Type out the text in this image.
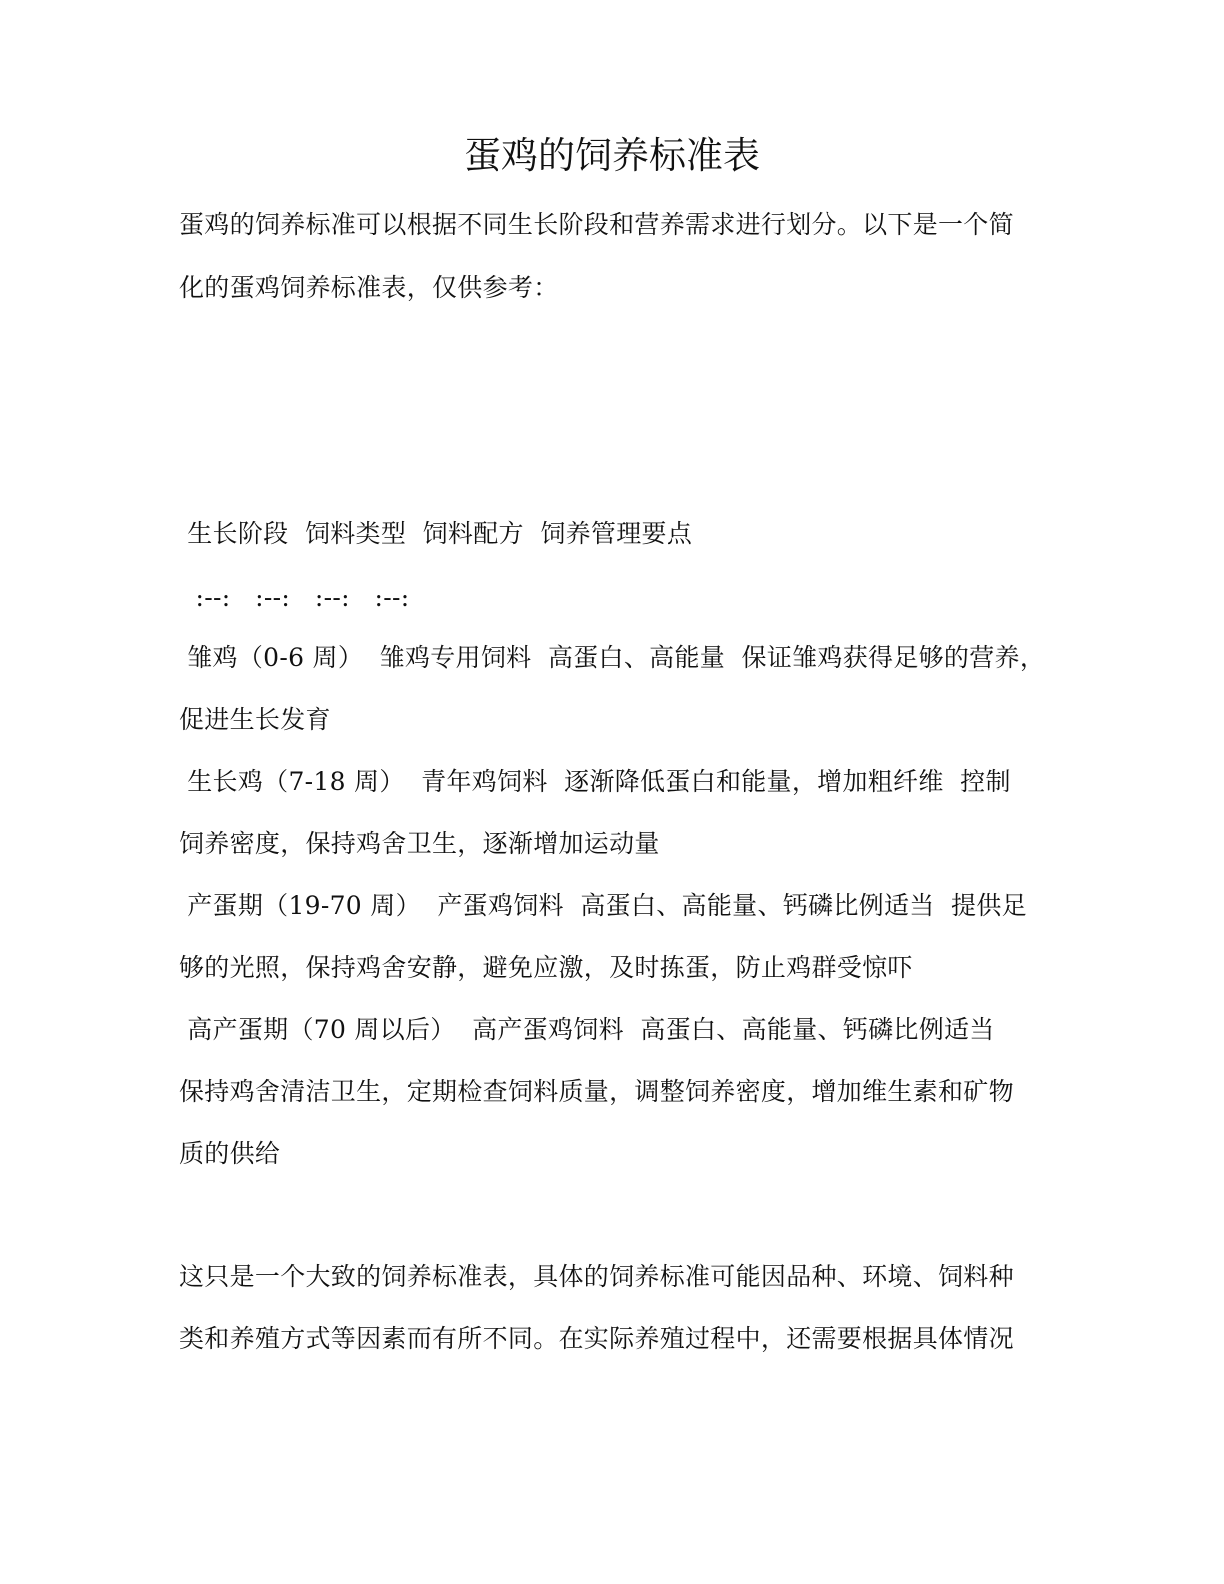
蛋鸡的饲养标准表
蛋鸡的饲养标准可以根据不同生长阶段和营养需求进行划分。以下是一个简
化的蛋鸡饲养标准表，仅供参考：
生长阶段  饲料类型  饲料配方  饲养管理要点
:--:   :--:   :--:   :--:
雏鸡（0-6 周）  雏鸡专用饲料  高蛋白、高能量  保证雏鸡获得足够的营养，
促进生长发育
生长鸡（7-18 周）  青年鸡饲料  逐渐降低蛋白和能量，增加粗纤维  控制
饲养密度，保持鸡舍卫生，逐渐增加运动量
产蛋期（19-70 周）  产蛋鸡饲料  高蛋白、高能量、钙磷比例适当  提供足
够的光照，保持鸡舍安静，避免应激，及时拣蛋，防止鸡群受惊吓
高产蛋期（70 周以后）  高产蛋鸡饲料  高蛋白、高能量、钙磷比例适当
保持鸡舍清洁卫生，定期检查饲料质量，调整饲养密度，增加维生素和矿物
质的供给
这只是一个大致的饲养标准表，具体的饲养标准可能因品种、环境、饲料种
类和养殖方式等因素而有所不同。在实际养殖过程中，还需要根据具体情况
